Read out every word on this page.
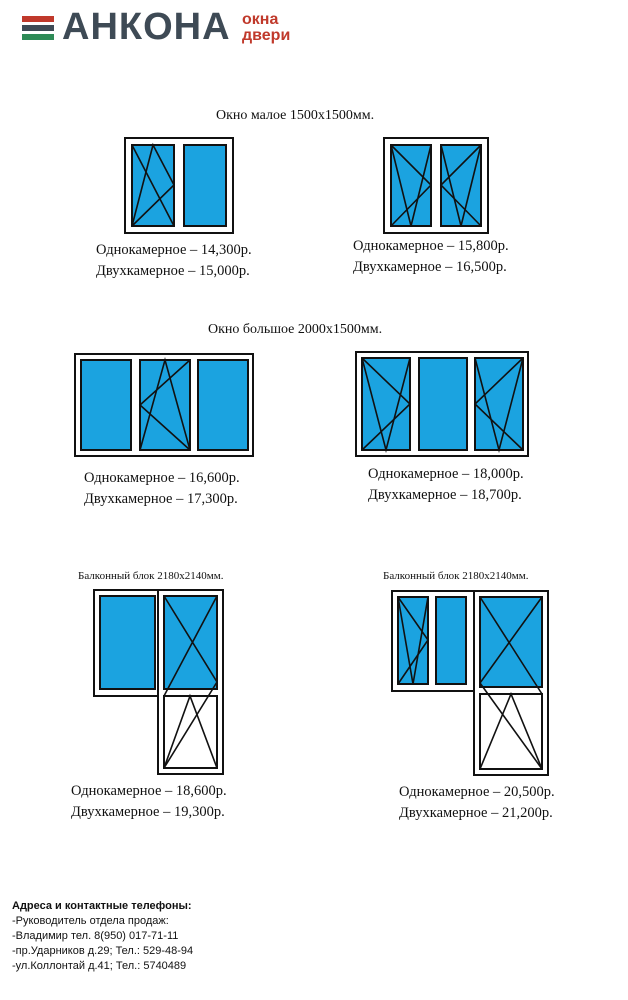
АНКОНА окна
двери
Окно малое 1500х1500мм.
Однокамерное – 14,300р.
Двухкамерное – 15,000р.
Однокамерное – 15,800р.
Двухкамерное – 16,500р.
Окно большое 2000х1500мм.
Однокамерное – 16,600р.
Двухкамерное – 17,300р.
Однокамерное – 18,000р.
Двухкамерное – 18,700р.
Балконный блок 2180х2140мм.	Балконный блок 2180х2140мм.
Однокамерное – 18,600р.
Двухкамерное – 19,300р.
Однокамерное – 20,500р.
Двухкамерное – 21,200р.
Адреса и контактные телефоны:
-Руководитель отдела продаж:
-Владимир тел. 8(950) 017-71-11
-пр.Ударников д.29; Тел.: 529-48-94
-ул.Коллонтай д.41; Тел.: 5740489
